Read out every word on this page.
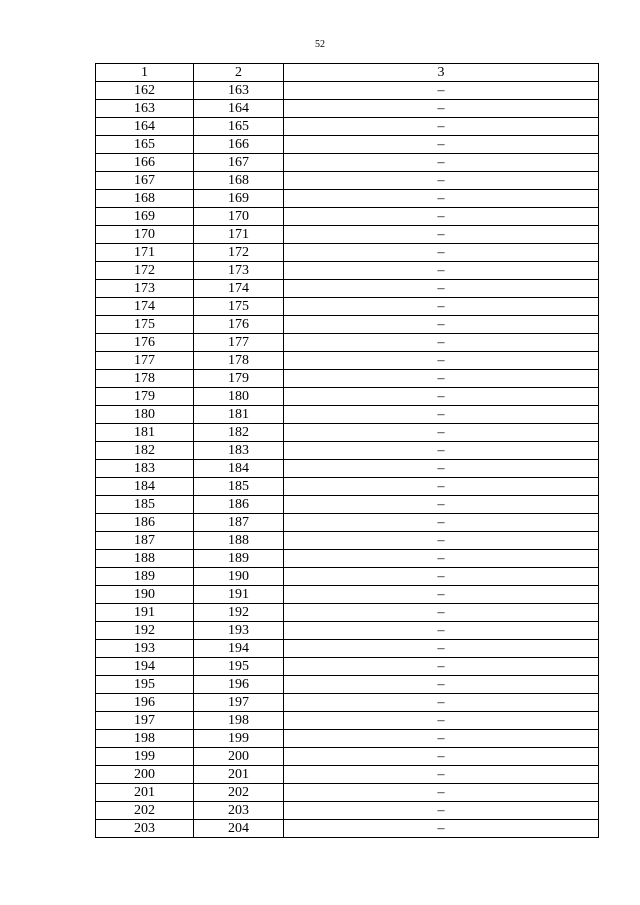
52
1	2	3
162	163	–
163	164	–
164	165	–
165	166	–
166	167	–
167	168	–
168	169	–
169	170	–
170	171	–
171	172	–
172	173	–
173	174	–
174	175	–
175	176	–
176	177	–
177	178	–
178	179	–
179	180	–
180	181	–
181	182	–
182	183	–
183	184	–
184	185	–
185	186	–
186	187	–
187	188	–
188	189	–
189	190	–
190	191	–
191	192	–
192	193	–
193	194	–
194	195	–
195	196	–
196	197	–
197	198	–
198	199	–
199	200	–
200	201	–
201	202	–
202	203	–
203	204	–
